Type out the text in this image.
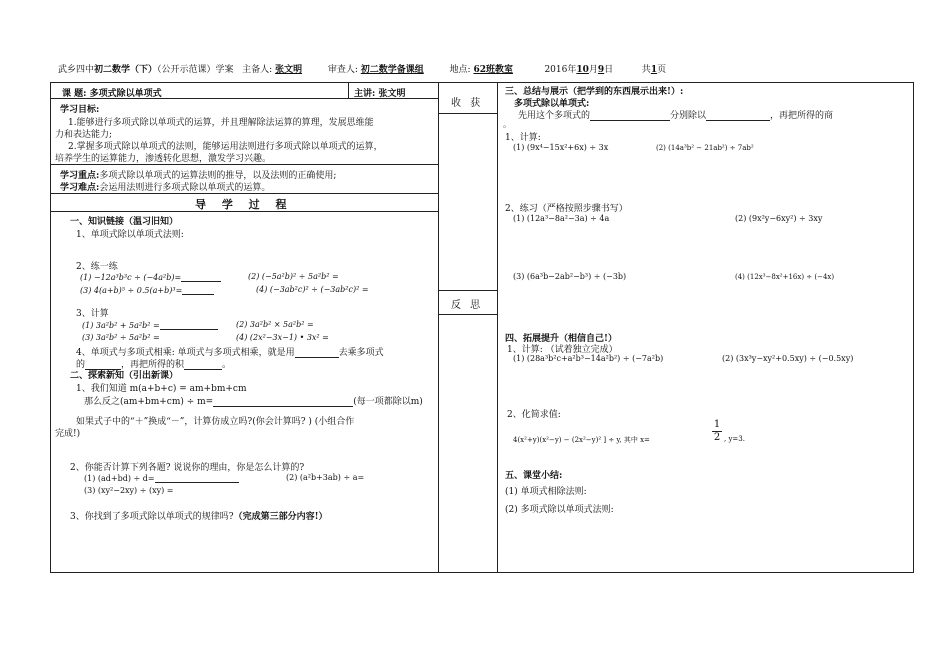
武乡四中初二数学（下）（公开示范课）学案 主备人: 张文明	审查人: 初二数学备课组	地点: 62班教室	2016年10月9日	共1页
课 题: 多项式除以单项式	主讲: 张文明
学习目标:
1.能够进行多项式除以单项式的运算，并且理解除法运算的算理，发展思维能
力和表达能力;
2.掌握多项式除以单项式的法则，能够运用法则进行多项式除以单项式的运算，
培养学生的运算能力，渗透转化思想，激发学习兴趣。
学习重点:多项式除以单项式的运算法则的推导，以及法则的正确使用;
学习难点:会运用法则进行多项式除以单项式的运算。
导 学 过 程
一、知识链接（温习旧知）
1、单项式除以单项式法则:
2、练一练
(1) −12a³b³c ÷ (−4a²b)=	(2) (−5a²b)² ÷ 5a²b² =
(3) 4(a+b)⁵ ÷ 0.5(a+b)³=	(4) (−3ab²c)² ÷ (−3ab²c)² =
3、计算
(1) 3a²b² + 5a²b² =	(2) 3a²b² × 5a²b² =
(3) 3a²b² ÷ 5a²b² =	(4) (2x²−3x−1) • 3x² =
4、单项式与多项式相乘: 单项式与多项式相乘，就是用	去乘多项式
的	，再把所得的积	。
二、探索新知（引出新课）
1、我们知道 m(a+b+c) = am+bm+cm
那么反之(am+bm+cm) ÷ m=	(每一项都除以m)
如果式子中的“＋”换成“－”，计算仿成立吗?(你会计算吗? ) (小组合作
完成!)
2、你能否计算下列各题? 说说你的理由，你是怎么计算的?
(1) (ad+bd) ÷ d=	(2) (a²b+3ab) ÷ a=
(3) (xy²−2xy) ÷ (xy) =
3、你找到了多项式除以单项式的规律吗?（完成第三部分内容!）
收 获
反 思
三、总结与展示（把学到的东西展示出来!）:
多项式除以单项式:
先用这个多项式的	分别除以	，再把所得的商
。
1、计算:
(1) (9x⁴−15x²+6x) ÷ 3x	(2) (14a³b² − 21ab²) ÷ 7ab²
2、练习（严格按照步骤书写）
(1) (12a³−8a²−3a) ÷ 4a	(2) (9x²y−6xy²) ÷ 3xy
(3) (6a³b−2ab²−b³) ÷ (−3b)	(4) (12x³−8x²+16x) ÷ (−4x)
四、拓展提升（相信自己!）
1、计算: （试着独立完成）
(1) (28a³b²c+a²b³−14a²b²) ÷ (−7a²b)	(2) (3x³y−xy²+0.5xy) ÷ (−0.5xy)
2、化简求值:
4(x²+y)(x²−y) − (2x²−y)² ] ÷ y, 其中 x=	$\frac{1}{2}$ , y=3.
五、课堂小结:
(1) 单项式相除法则:
(2) 多项式除以单项式法则:
